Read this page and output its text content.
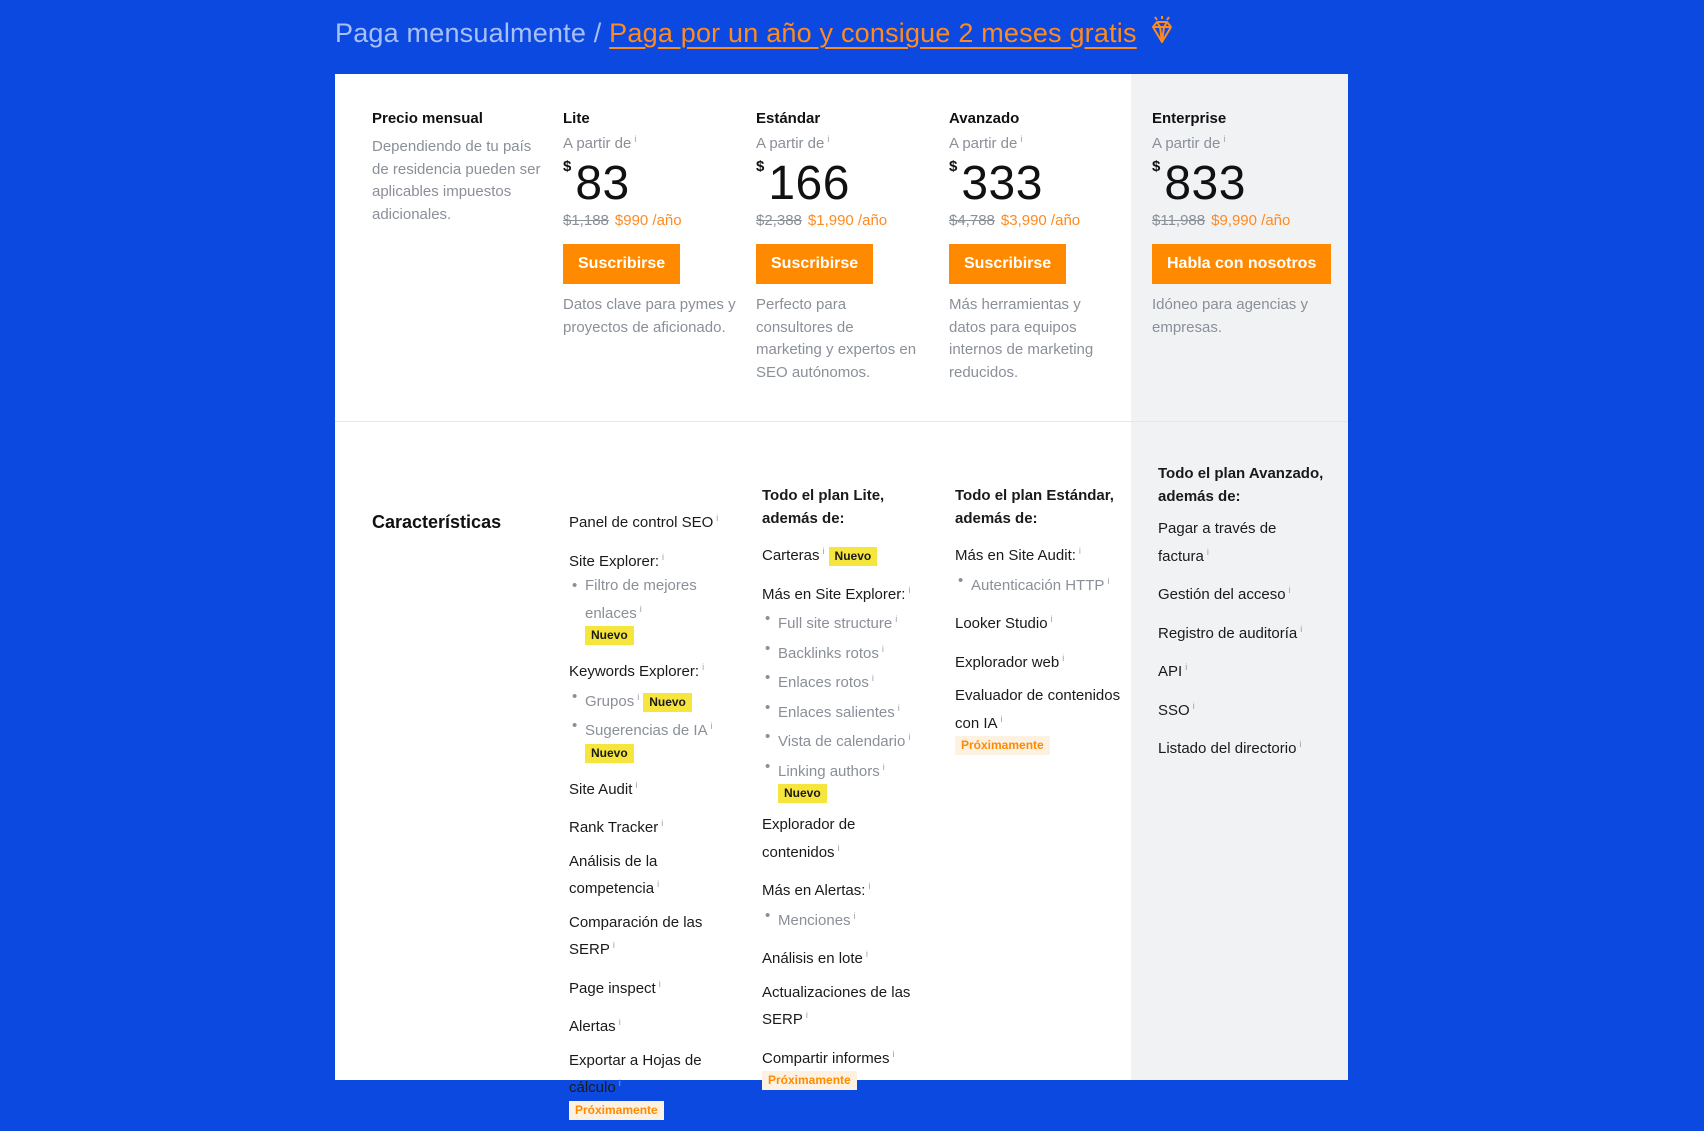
Paga mensualmente / Paga por un año y consigue 2 meses gratis
Precio mensual
Dependiendo de tu país de residencia pueden ser aplicables impuestos adicionales.
Lite
A partir de $^i$
$83
$1,188 $990 /año
Suscribirse
Datos clave para pymes y proyectos de aficionado.
Estándar
A partir de $^i$
$166
$2,388 $1,990 /año
Suscribirse
Perfecto para consultores de marketing y expertos en SEO autónomos.
Avanzado
A partir de $^i$
$333
$4,788 $3,990 /año
Suscribirse
Más herramientas y datos para equipos internos de marketing reducidos.
Enterprise
A partir de $^i$
$833
$11,988 $9,990 /año
Habla con nosotros
Idóneo para agencias y empresas.
Características	Panel de control SEO $^i$
Site Explorer: $^i$
• Filtro de mejores enlaces $^i$
Nuevo
Keywords Explorer: $^i$
• Grupos $^i$ Nuevo
• Sugerencias de IA $^i$
Nuevo
Site Audit $^i$
Rank Tracker $^i$
Análisis de la competencia $^i$
Comparación de las SERP $^i$
Page inspect $^i$
Alertas $^i$
Exportar a Hojas de cálculo $^i$
Próximamente
Todo el plan Lite, además de:
Carteras $^i$ Nuevo
Más en Site Explorer: $^i$
• Full site structure $^i$
• Backlinks rotos $^i$
• Enlaces rotos $^i$
• Enlaces salientes $^i$
• Vista de calendario $^i$
• Linking authors $^i$
Nuevo
Explorador de contenidos $^i$
Más en Alertas: $^i$
• Menciones $^i$
Análisis en lote $^i$
Actualizaciones de las SERP $^i$
Compartir informes $^i$
Próximamente
Todo el plan Estándar, además de:
Más en Site Audit: $^i$
• Autenticación HTTP $^i$
Looker Studio $^i$
Explorador web $^i$
Evaluador de contenidos con IA $^i$
Próximamente
Todo el plan Avanzado, además de:
Pagar a través de factura $^i$
Gestión del acceso $^i$
Registro de auditoría $^i$
API $^i$
SSO $^i$
Listado del directorio $^i$
